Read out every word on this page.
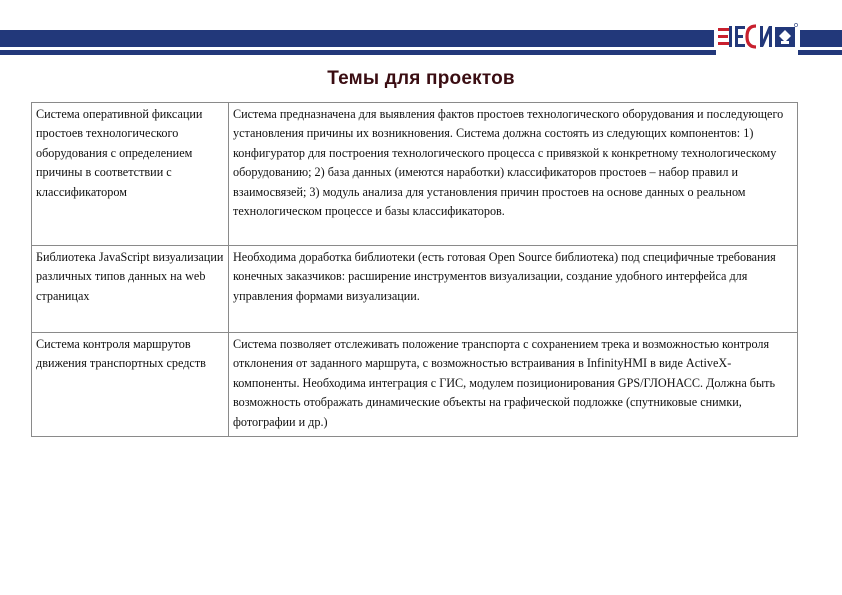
Темы для проектов
Система оперативной фиксации простоев технологического оборудования с определением причины в соответствии с классификатором	Система предназначена для выявления фактов простоев технологического оборудования и последующего установления причины их возникновения. Система должна состоять из следующих компонентов: 1) конфигуратор для построения технологического процесса с привязкой к конкретному технологическому оборудованию; 2) база данных (имеются наработки) классификаторов простоев – набор правил и взаимосвязей; 3) модуль анализа для установления причин простоев на основе данных о реальном технологическом процессе и базы классификаторов.
Библиотека JavaScript визуализации различных типов данных на web страницах	Необходима доработка библиотеки (есть готовая Open Source библиотека) под специфичные требования конечных заказчиков: расширение инструментов визуализации, создание удобного интерфейса для управления формами визуализации.
Система контроля маршрутов движения транспортных средств	Система позволяет отслеживать положение транспорта с сохранением трека и возможностью контроля отклонения от заданного маршрута, с возможностью встраивания в InfinityHMI в виде ActiveX-компоненты. Необходима интеграция с ГИС, модулем позиционирования GPS/ГЛОНАСС. Должна быть возможность отображать динамические объекты на графической подложке (спутниковые снимки, фотографии и др.)
